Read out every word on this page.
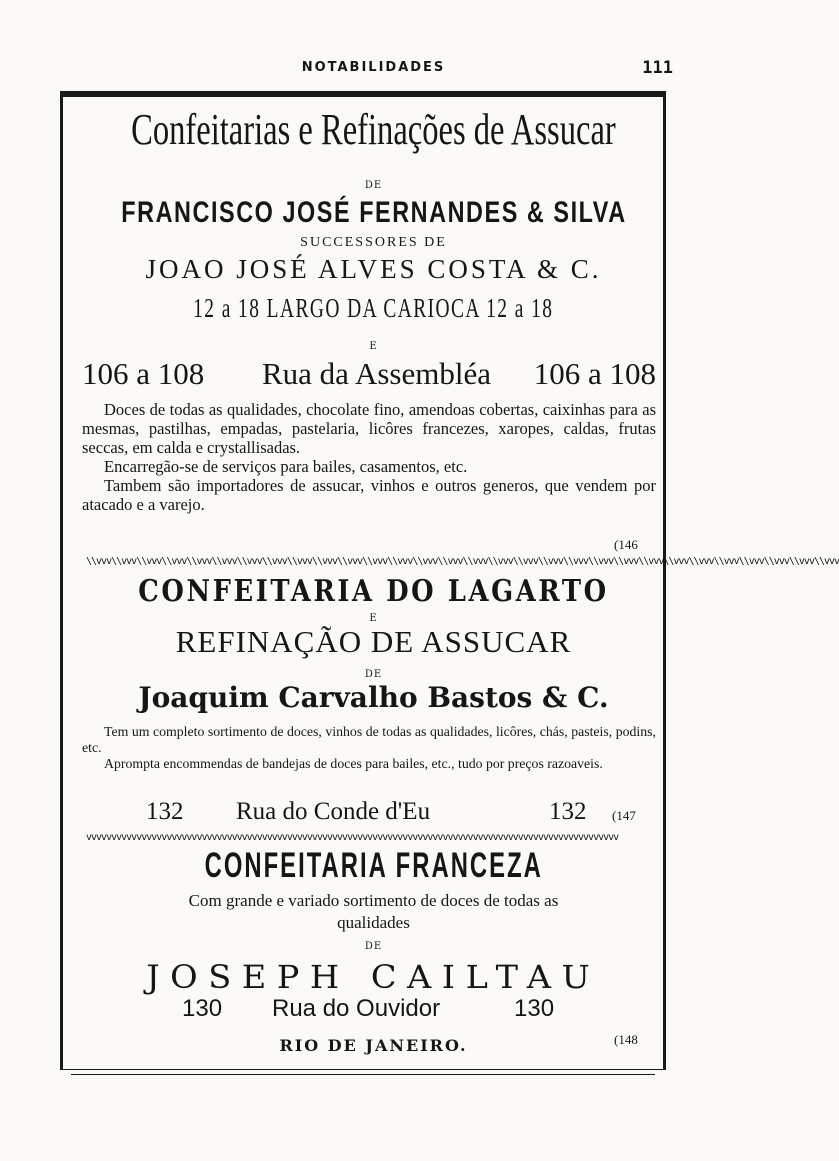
NOTABILIDADES	111
Confeitarias e Refinações de Assucar
DE
FRANCISCO JOSÉ FERNANDES & SILVA
SUCCESSORES DE
JOAO JOSÉ ALVES COSTA & C.
12 a 18 LARGO DA CARIOCA 12 a 18
E
106 a 108 Rua da Assembléa 106 a 108

Doces de todas as qualidades, chocolate fino, amendoas cobertas, caixinhas para as mesmas, pastilhas, empadas, pastelaria, licôres francezes, xaropes, caldas, frutas seccas, em calda e crystallisadas.

Encarregão-se de serviços para bailes, casamentos, etc.

Tambem são importadores de assucar, vinhos e outros generos, que vendem por atacado e a varejo.

(146
\\vvv\\vvv\\vvv\\vvv\\vvv\\vvv\\vvv\\vvv\\vvv\\vvv\\vvv\\vvv\\vvv\\vvv\\vvv\\vvv\\vvv\\vvv\\vvv\\vvv\\vvv\\vvv\\vvv\\vvv\\vvv\\vvv\\vvv\\vvv\\vvv\\vvv
CONFEITARIA DO LAGARTO
E
REFINAÇÃO DE ASSUCAR
DE
Joaquim Carvalho Bastos & C.

Tem um completo sortimento de doces, vinhos de todas as qualidades, licôres, chás, pasteis, podins, etc.

Aprompta encommendas de bandejas de doces para bailes, etc., tudo por preços razoaveis.

132 Rua do Conde d'Eu	132 (147
vvvvvvvvvvvvvvvvvvvvvvvvvvvvvvvvvvvvvvvvvvvvvvvvvvvvvvvvvvvvvvvvvvvvvvvvvvvvvvvvvvvvvvvvvvvvvvvvvvvvvvvvvv
CONFEITARIA FRANCEZA
Com grande e variado sortimento de doces de todas as
qualidades
DE
JOSEPH CAILTAU
130 Rua do Ouvidor	130
RIO DE JANEIRO.	(148
